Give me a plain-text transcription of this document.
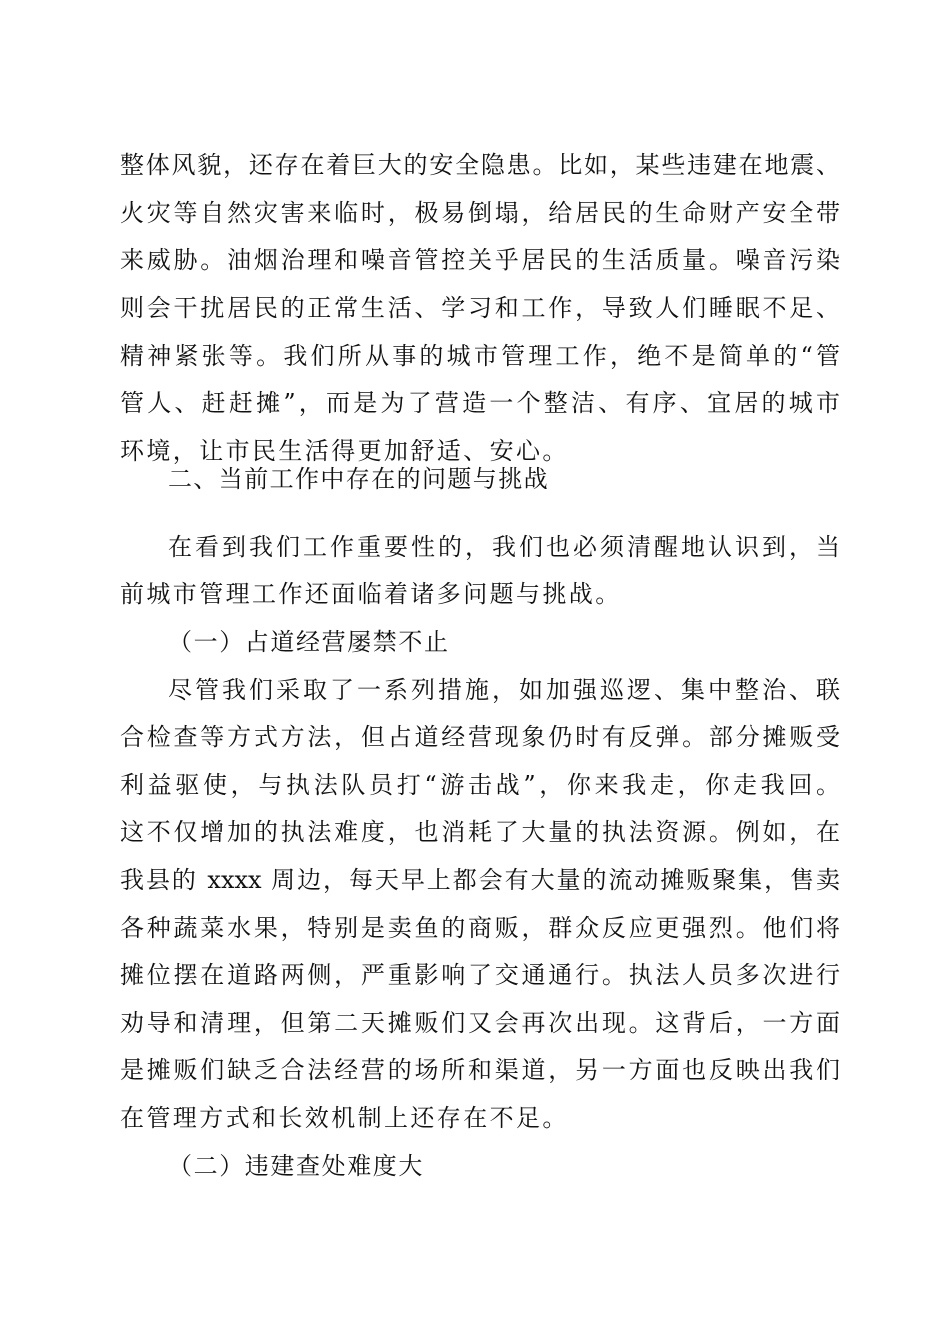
整体风貌，还存在着巨大的安全隐患。比如，某些违建在地震、
火灾等自然灾害来临时，极易倒塌，给居民的生命财产安全带
来威胁。油烟治理和噪音管控关乎居民的生活质量。噪音污染
则会干扰居民的正常生活、学习和工作，导致人们睡眠不足、
精神紧张等。我们所从事的城市管理工作，绝不是简单的“管
管人、赶赶摊”，而是为了营造一个整洁、有序、宜居的城市
环境，让市民生活得更加舒适、安心。
二、当前工作中存在的问题与挑战
在看到我们工作重要性的，我们也必须清醒地认识到，当
前城市管理工作还面临着诸多问题与挑战。
（一）占道经营屡禁不止
尽管我们采取了一系列措施，如加强巡逻、集中整治、联
合检查等方式方法，但占道经营现象仍时有反弹。部分摊贩受
利益驱使，与执法队员打“游击战”，你来我走，你走我回。
这不仅增加的执法难度，也消耗了大量的执法资源。例如，在
我县的 xxxx 周边，每天早上都会有大量的流动摊贩聚集，售卖
各种蔬菜水果，特别是卖鱼的商贩，群众反应更强烈。他们将
摊位摆在道路两侧，严重影响了交通通行。执法人员多次进行
劝导和清理，但第二天摊贩们又会再次出现。这背后，一方面
是摊贩们缺乏合法经营的场所和渠道，另一方面也反映出我们
在管理方式和长效机制上还存在不足。
（二）违建查处难度大
